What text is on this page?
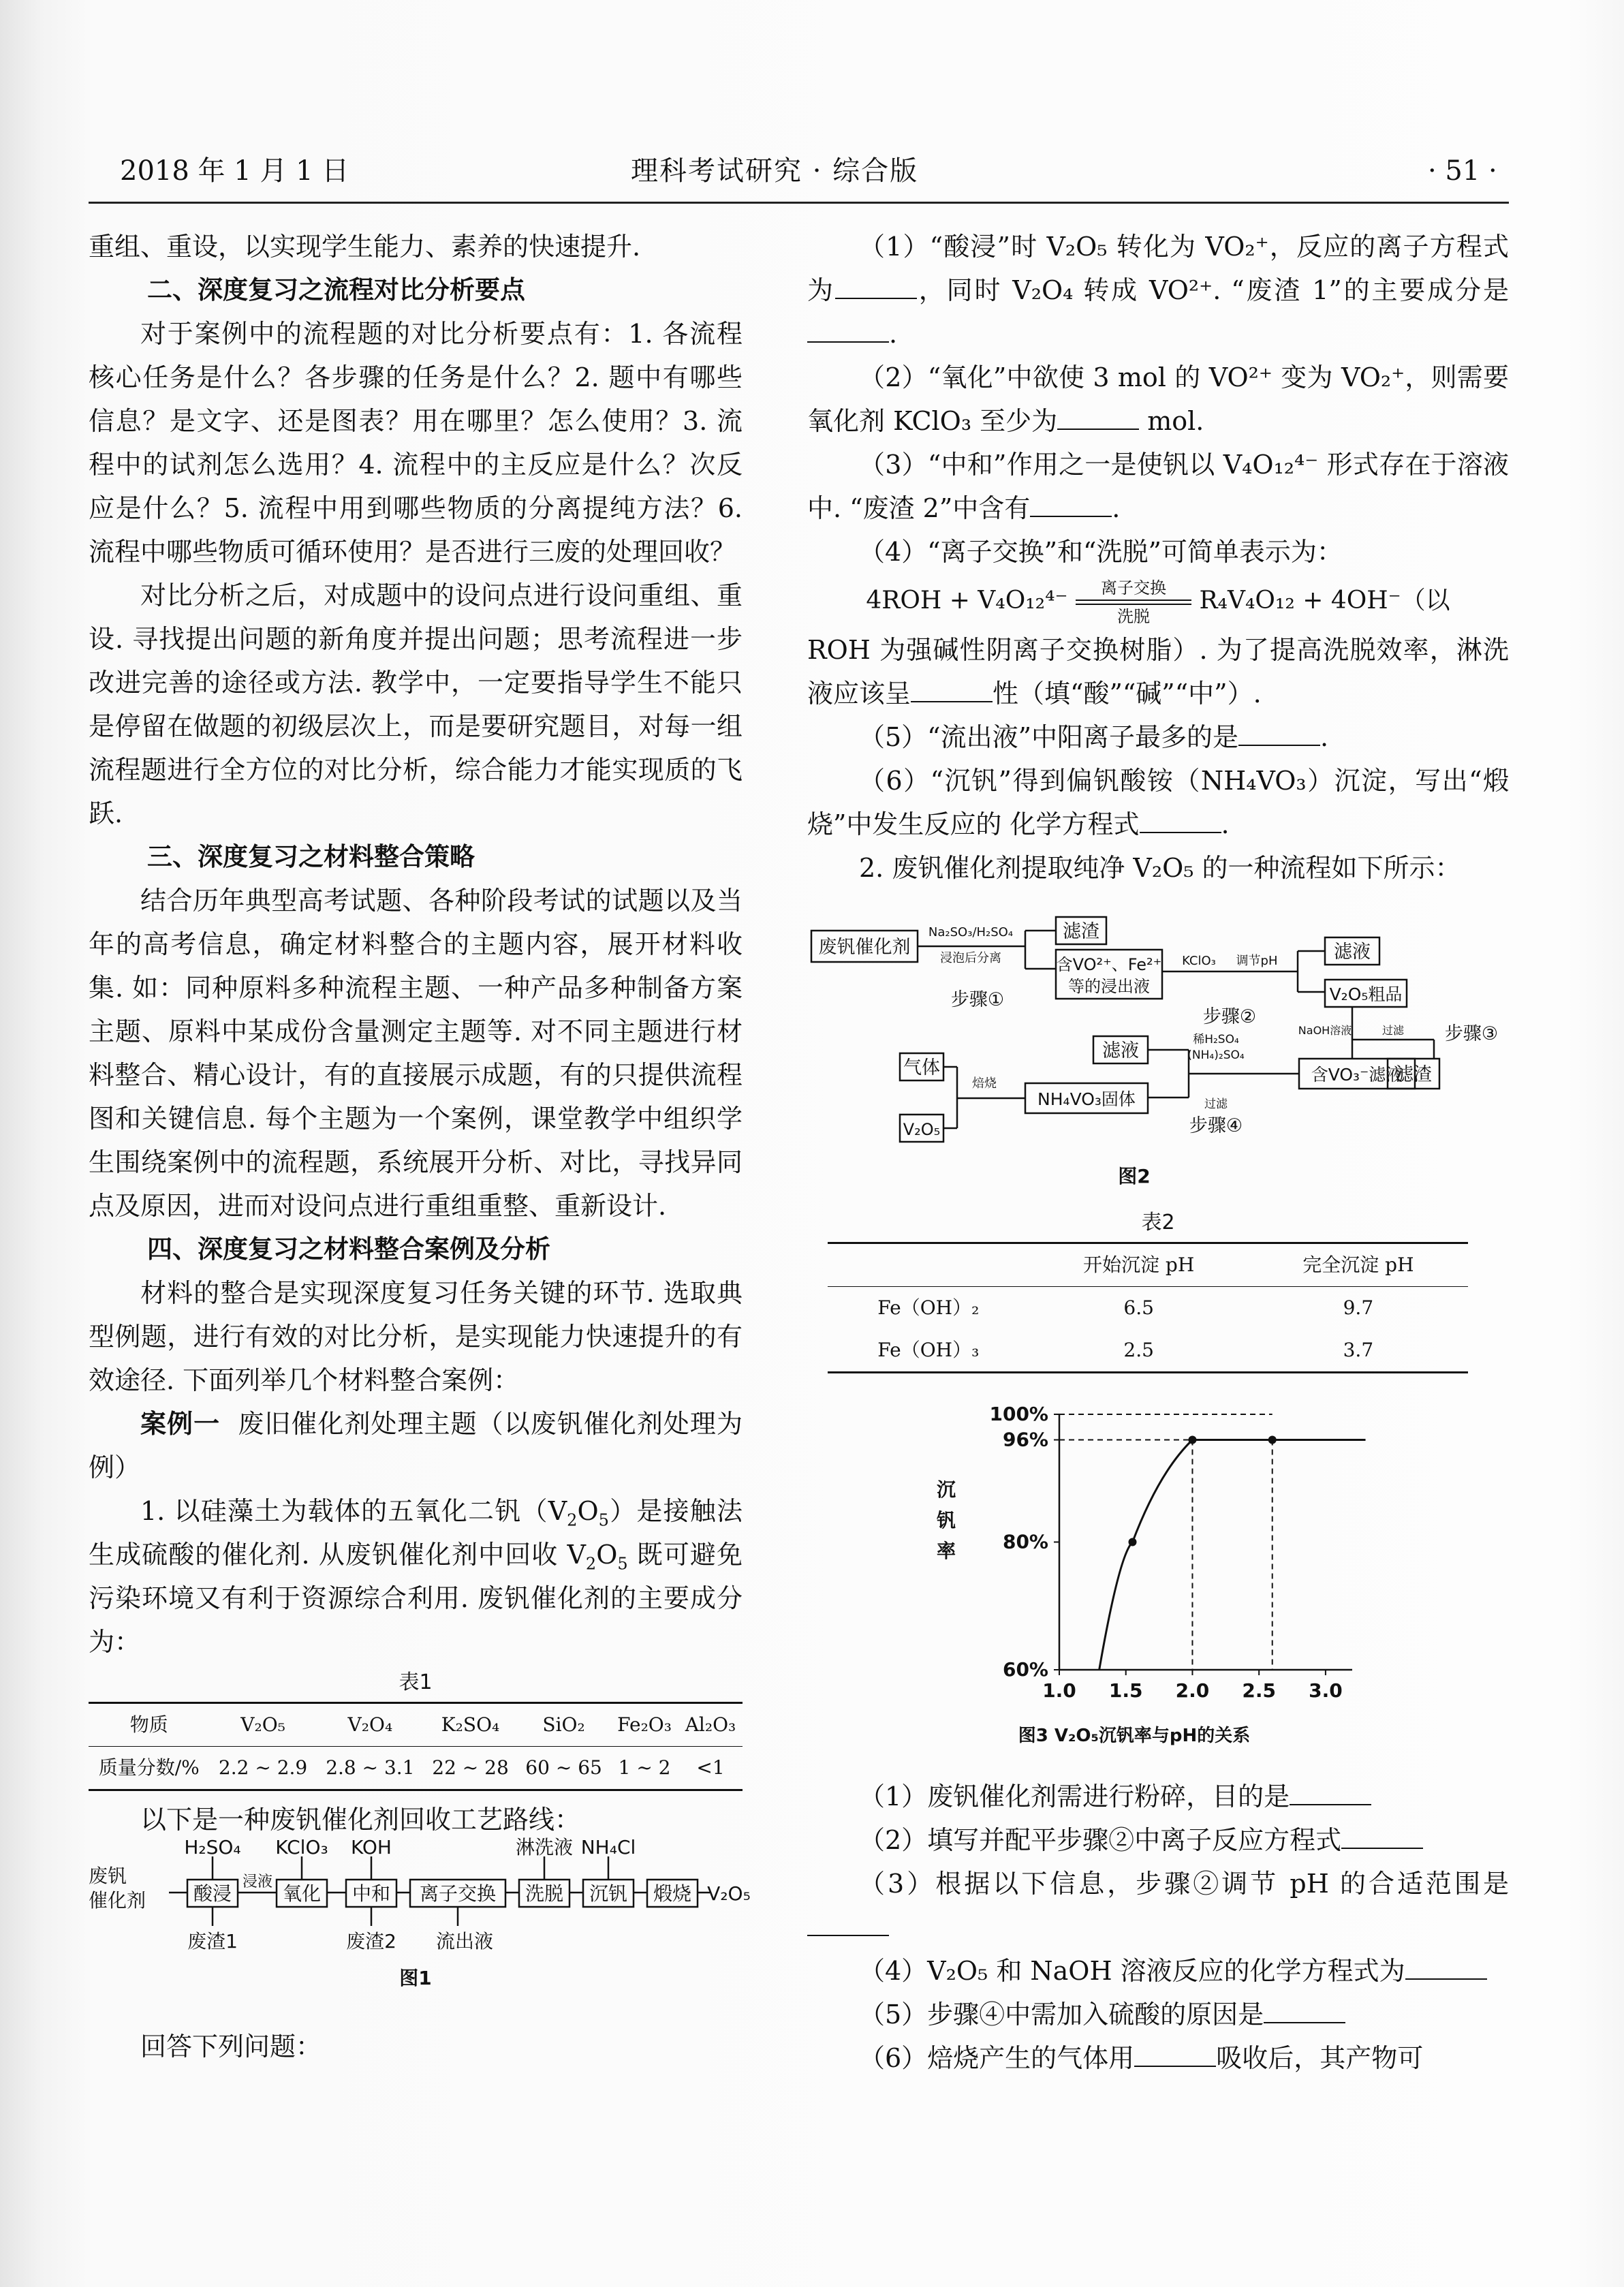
2018 年 1 月 1 日	理科考试研究 · 综合版	· 51 ·

重组、重设，以实现学生能力、素养的快速提升.

二、深度复习之流程对比分析要点

对于案例中的流程题的对比分析要点有：1. 各流程核心任务是什么？各步骤的任务是什么？2. 题中有哪些信息？是文字、还是图表？用在哪里？怎么使用？3. 流程中的试剂怎么选用？4. 流程中的主反应是什么？次反应是什么？5. 流程中用到哪些物质的分离提纯方法？6. 流程中哪些物质可循环使用？是否进行三废的处理回收？

对比分析之后，对成题中的设问点进行设问重组、重设. 寻找提出问题的新角度并提出问题；思考流程进一步改进完善的途径或方法. 教学中，一定要指导学生不能只是停留在做题的初级层次上，而是要研究题目，对每一组流程题进行全方位的对比分析，综合能力才能实现质的飞跃.

三、深度复习之材料整合策略

结合历年典型高考试题、各种阶段考试的试题以及当年的高考信息，确定材料整合的主题内容，展开材料收集. 如：同种原料多种流程主题、一种产品多种制备方案主题、原料中某成份含量测定主题等. 对不同主题进行材料整合、精心设计，有的直接展示成题，有的只提供流程图和关键信息. 每个主题为一个案例，课堂教学中组织学生围绕案例中的流程题，系统展开分析、对比，寻找异同点及原因，进而对设问点进行重组重整、重新设计.

四、深度复习之材料整合案例及分析

材料的整合是实现深度复习任务关键的环节. 选取典型例题，进行有效的对比分析，是实现能力快速提升的有效途径. 下面列举几个材料整合案例：

案例一 废旧催化剂处理主题（以废钒催化剂处理为例）

1. 以硅藻土为载体的五氧化二钒$(V_2O_5)$是接触法生成硫酸的催化剂. 从废钒催化剂中回收 $V_2O_5$ 既可避免污染环境又有利于资源综合利用. 废钒催化剂的主要成分为：

表1
物质	V₂O₅	V₂O₄	K₂SO₄	SiO₂	Fe₂O₃	Al₂O₃
质量分数/%	2.2 ~ 2.9	2.8 ~ 3.1	22 ~ 28	60 ~ 65	1 ~ 2	<1

以下是一种废钒催化剂回收工艺路线：

废钒
催化剂 酸浸	氧化 中和 离子交换 洗脱 沉钒 煅烧
H₂SO₄ KClO₃ KOH	淋洗液 NH₄Cl
浸液
废渣1	废渣2 流出液
V₂O₅
图1

回答下列问题：

（1）“酸浸”时 V₂O₅ 转化为 VO₂⁺，反应的离子方程式为	，同时 V₂O₄ 转成 VO²⁺. “废渣 1”的主要成分是.

（2）“氧化”中欲使 3 mol 的 VO²⁺ 变为 VO₂⁺，则需要氧化剂 KClO₃ 至少为	mol.

（3）“中和”作用之一是使钒以 V₄O₁₂⁴⁻ 形式存在于溶液中. “废渣 2”中含有	.

（4）“离子交换”和“洗脱”可简单表示为：

4ROH + V₄O₁₂⁴⁻ 离子交换
洗脱 R₄V₄O₁₂ + 4OH⁻（以

ROH 为强碱性阴离子交换树脂）. 为了提高洗脱效率，淋洗液应该呈	性（填“酸”“碱”“中”）.

（5）“流出液”中阳离子最多的是	.

（6）“沉钒”得到偏钒酸铵（NH₄VO₃）沉淀，写出“煅烧”中发生反应的 化学方程式	.

2. 废钒催化剂提取纯净 V₂O₅ 的一种流程如下所示：

废钒催化剂
Na₂SO₃/H₂SO₄
浸泡后分离
滤渣
含VO²⁺、Fe²⁺
等的浸出液
KClO₃ 调节pH	滤液
V₂O₅粗品
NaOH溶液	过滤
步骤①
步骤②
步骤③
步骤④
含VO₃⁻滤液
滤渣
稀H₂SO₄
(NH₄)₂SO₄
过滤
滤液
NH₄VO₃固体
焙烧
气体
V₂O₅
图2
表2
	开始沉淀 pH	完全沉淀 pH
Fe（OH）₂	6.5	9.7
Fe（OH）₃	2.5	3.7
沉
钒
率
1.0 1.5 2.0 2.5 3.0
60%
80%
96%
100%
图3 V₂O₅沉钒率与pH的关系

（1）废钒催化剂需进行粉碎，目的是

（2）填写并配平步骤②中离子反应方程式

（3）根据以下信息，步骤②调节 pH 的合适范围是

（4）V₂O₅ 和 NaOH 溶液反应的化学方程式为

（5）步骤④中需加入硫酸的原因是

（6）焙烧产生的气体用	吸收后，其产物可
